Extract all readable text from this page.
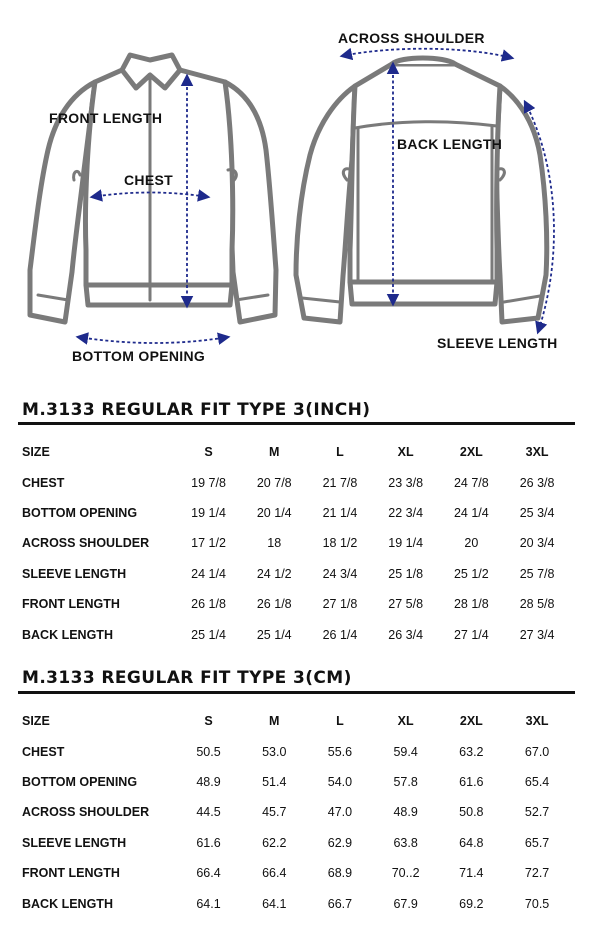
FRONT LENGTH
CHEST
BOTTOM OPENING
ACROSS SHOULDER
BACK LENGTH
SLEEVE LENGTH
M.3133 REGULAR FIT TYPE 3(INCH)
SIZE	S	M	L	XL	2XL	3XL
CHEST	19 7/8	20 7/8	21 7/8	23 3/8	24 7/8	26 3/8
BOTTOM OPENING	19 1/4	20 1/4	21 1/4	22 3/4	24 1/4	25 3/4
ACROSS SHOULDER	17 1/2	18	18 1/2	19 1/4	20	20 3/4
SLEEVE LENGTH	24 1/4	24 1/2	24 3/4	25 1/8	25 1/2	25 7/8
FRONT LENGTH	26 1/8	26 1/8	27 1/8	27 5/8	28 1/8	28 5/8
BACK LENGTH	25 1/4	25 1/4	26 1/4	26 3/4	27 1/4	27 3/4
M.3133 REGULAR FIT TYPE 3(CM)
SIZE	S	M	L	XL	2XL	3XL
CHEST	50.5	53.0	55.6	59.4	63.2	67.0
BOTTOM OPENING	48.9	51.4	54.0	57.8	61.6	65.4
ACROSS SHOULDER	44.5	45.7	47.0	48.9	50.8	52.7
SLEEVE LENGTH	61.6	62.2	62.9	63.8	64.8	65.7
FRONT LENGTH	66.4	66.4	68.9	70..2	71.4	72.7
BACK LENGTH	64.1	64.1	66.7	67.9	69.2	70.5
